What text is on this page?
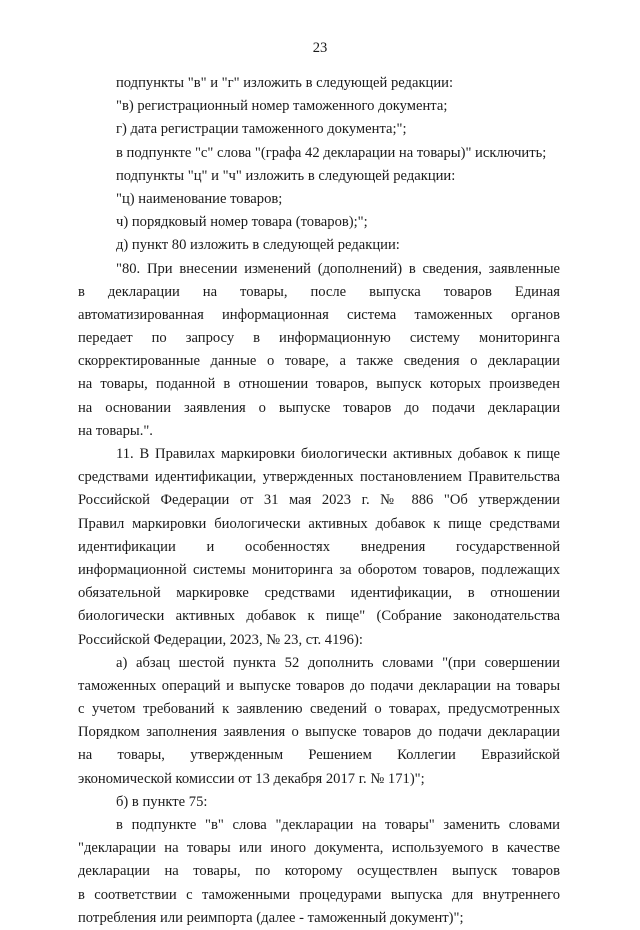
23
подпункты "в" и "г" изложить в следующей редакции:
"в) регистрационный номер таможенного документа;
г) дата регистрации таможенного документа;";
в подпункте "с" слова "(графа 42 декларации на товары)" исключить;
подпункты "ц" и "ч" изложить в следующей редакции:
"ц) наименование товаров;
ч) порядковый номер товара (товаров);";
д) пункт 80 изложить в следующей редакции:
"80. При внесении изменений (дополнений) в сведения, заявленные
в декларации на товары, после выпуска товаров Единая
автоматизированная информационная система таможенных органов
передает по запросу в информационную систему мониторинга
скорректированные данные о товаре, а также сведения о декларации
на товары, поданной в отношении товаров, выпуск которых произведен
на основании заявления о выпуске товаров до подачи декларации
на товары.".
11. В Правилах маркировки биологически активных добавок к пище
средствами идентификации, утвержденных постановлением Правительства
Российской Федерации от 31 мая 2023 г. № 886 "Об утверждении
Правил маркировки биологически активных добавок к пище средствами
идентификации и особенностях внедрения государственной
информационной системы мониторинга за оборотом товаров, подлежащих
обязательной маркировке средствами идентификации, в отношении
биологически активных добавок к пище" (Собрание законодательства
Российской Федерации, 2023, № 23, ст. 4196):
а) абзац шестой пункта 52 дополнить словами "(при совершении
таможенных операций и выпуске товаров до подачи декларации на товары
с учетом требований к заявлению сведений о товарах, предусмотренных
Порядком заполнения заявления о выпуске товаров до подачи декларации
на товары, утвержденным Решением Коллегии Евразийской
экономической комиссии от 13 декабря 2017 г. № 171)";
б) в пункте 75:
в подпункте "в" слова "декларации на товары" заменить словами
"декларации на товары или иного документа, используемого в качестве
декларации на товары, по которому осуществлен выпуск товаров
в соответствии с таможенными процедурами выпуска для внутреннего
потребления или реимпорта (далее - таможенный документ)";
